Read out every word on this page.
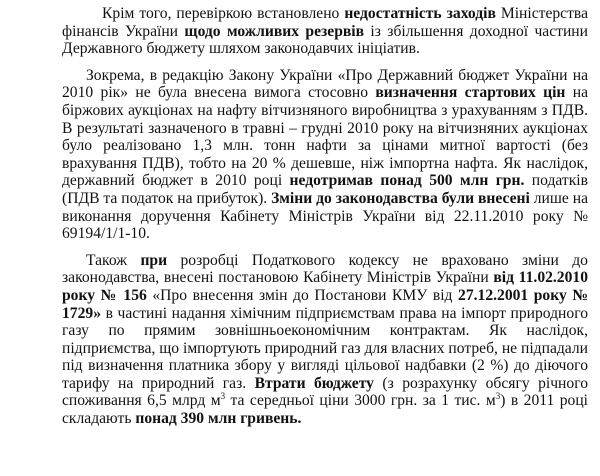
Крім того, перевіркою встановлено недостатність заходів Міністерства фінансів України щодо можливих резервів із збільшення доходної частини Державного бюджету шляхом законодавчих ініціатив.

Зокрема, в редакцію Закону України «Про Державний бюджет України на 2010 рік» не була внесена вимога стосовно визначення стартових цін на біржових аукціонах на нафту вітчизняного виробництва з урахуванням з ПДВ. В результаті зазначеного в травні – грудні 2010 року на вітчизняних аукціонах було реалізовано 1,3 млн. тонн нафти за цінами митної вартості (без врахування ПДВ), тобто на 20 % дешевше, ніж імпортна нафта. Як наслідок, державний бюджет в 2010 році недотримав понад 500 млн грн. податків (ПДВ та податок на прибуток). Зміни до законодавства були внесені лише на виконання доручення Кабінету Міністрів України від 22.11.2010 року № 69194/1/1-10.

Також при розробці Податкового кодексу не враховано зміни до законодавства, внесені постановою Кабінету Міністрів України від 11.02.2010 року № 156 «Про внесення змін до Постанови КМУ від 27.12.2001 року № 1729» в частині надання хімічним підприємствам права на імпорт природного газу по прямим зовнішньоекономічним контрактам. Як наслідок, підприємства, що імпортують природний газ для власних потреб, не підпадали під визначення платника збору у вигляді цільової надбавки (2 %) до діючого тарифу на природний газ. Втрати бюджету (з розрахунку обсягу річного споживання 6,5 млрд $м^3$ та середньої ціни 3000 грн. за 1 тис. $м^3$) в 2011 році складають понад 390 млн гривень.
